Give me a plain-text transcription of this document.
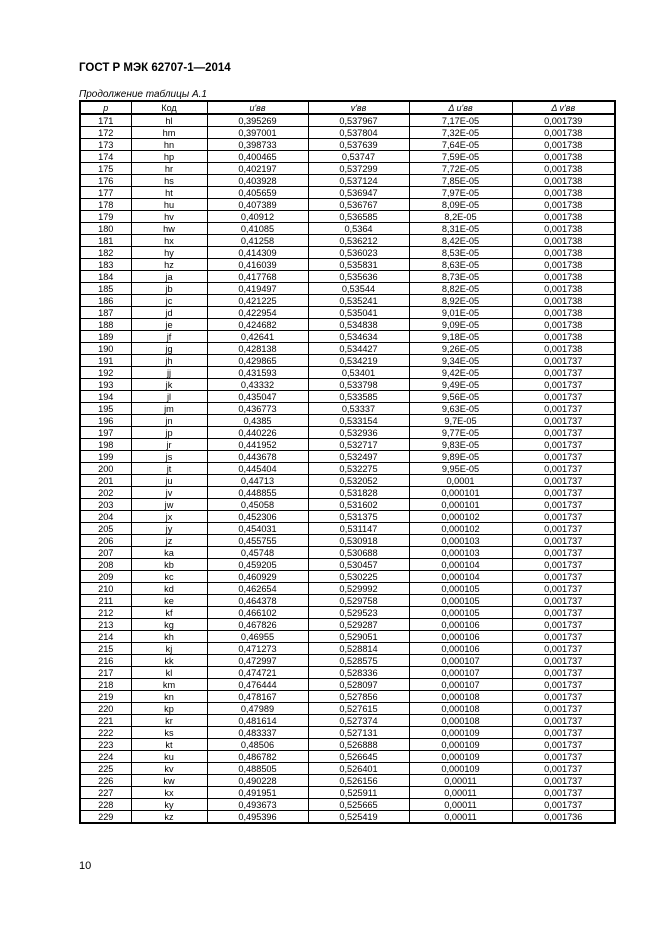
ГОСТ Р МЭК 62707-1—2014
Продолжение таблицы А.1
p	Код	u'вв	v'вв	Δ u'вв	Δ v'вв
171	hl	0,395269	0,537967	7,17E-05	0,001739
172	hm	0,397001	0,537804	7,32E-05	0,001738
173	hn	0,398733	0,537639	7,64E-05	0,001738
174	hp	0,400465	0,53747	7,59E-05	0,001738
175	hr	0,402197	0,537299	7,72E-05	0,001738
176	hs	0,403928	0,537124	7,85E-05	0,001738
177	ht	0,405659	0,536947	7,97E-05	0,001738
178	hu	0,407389	0,536767	8,09E-05	0,001738
179	hv	0,40912	0,536585	8,2E-05	0,001738
180	hw	0,41085	0,5364	8,31E-05	0,001738
181	hx	0,41258	0,536212	8,42E-05	0,001738
182	hy	0,414309	0,536023	8,53E-05	0,001738
183	hz	0,416039	0,535831	8,63E-05	0,001738
184	ja	0,417768	0,535636	8,73E-05	0,001738
185	jb	0,419497	0,53544	8,82E-05	0,001738
186	jc	0,421225	0,535241	8,92E-05	0,001738
187	jd	0,422954	0,535041	9,01E-05	0,001738
188	je	0,424682	0,534838	9,09E-05	0,001738
189	jf	0,42641	0,534634	9,18E-05	0,001738
190	jg	0,428138	0,534427	9,26E-05	0,001738
191	jh	0,429865	0,534219	9,34E-05	0,001737
192	jj	0,431593	0,53401	9,42E-05	0,001737
193	jk	0,43332	0,533798	9,49E-05	0,001737
194	jl	0,435047	0,533585	9,56E-05	0,001737
195	jm	0,436773	0,53337	9,63E-05	0,001737
196	jn	0,4385	0,533154	9,7E-05	0,001737
197	jp	0,440226	0,532936	9,77E-05	0,001737
198	jr	0,441952	0,532717	9,83E-05	0,001737
199	js	0,443678	0,532497	9,89E-05	0,001737
200	jt	0,445404	0,532275	9,95E-05	0,001737
201	ju	0,44713	0,532052	0,0001	0,001737
202	jv	0,448855	0,531828	0,000101	0,001737
203	jw	0,45058	0,531602	0,000101	0,001737
204	jx	0,452306	0,531375	0,000102	0,001737
205	jy	0,454031	0,531147	0,000102	0,001737
206	jz	0,455755	0,530918	0,000103	0,001737
207	ka	0,45748	0,530688	0,000103	0,001737
208	kb	0,459205	0,530457	0,000104	0,001737
209	kc	0,460929	0,530225	0,000104	0,001737
210	kd	0,462654	0,529992	0,000105	0,001737
211	ke	0,464378	0,529758	0,000105	0,001737
212	kf	0,466102	0,529523	0,000105	0,001737
213	kg	0,467826	0,529287	0,000106	0,001737
214	kh	0,46955	0,529051	0,000106	0,001737
215	kj	0,471273	0,528814	0,000106	0,001737
216	kk	0,472997	0,528575	0,000107	0,001737
217	kl	0,474721	0,528336	0,000107	0,001737
218	km	0,476444	0,528097	0,000107	0,001737
219	kn	0,478167	0,527856	0,000108	0,001737
220	kp	0,47989	0,527615	0,000108	0,001737
221	kr	0,481614	0,527374	0,000108	0,001737
222	ks	0,483337	0,527131	0,000109	0,001737
223	kt	0,48506	0,526888	0,000109	0,001737
224	ku	0,486782	0,526645	0,000109	0,001737
225	kv	0,488505	0,526401	0,000109	0,001737
226	kw	0,490228	0,526156	0,00011	0,001737
227	kx	0,491951	0,525911	0,00011	0,001737
228	ky	0,493673	0,525665	0,00011	0,001737
229	kz	0,495396	0,525419	0,00011	0,001736
10
